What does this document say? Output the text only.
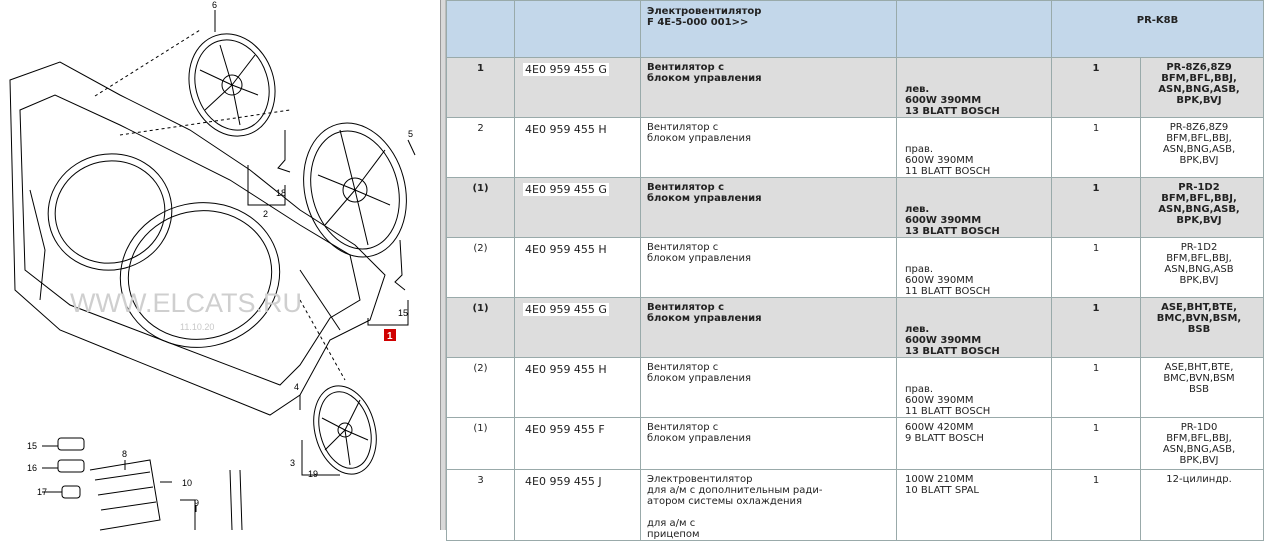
WWW.ELCATS.RU
11.10.20
6
5
18
2
15
4
3
19
15
16
17
8
10
9
1

		Электровентилятор
F 4E-5-000 001>>		PR-K8B	

1	4E0 959 455 G	Вентилятор с
блоком управления	

лев.
600W 390MM
13 BLATT BOSCH	1	PR-8Z6,8Z9
BFM,BFL,BBJ,
ASN,BNG,ASB,
BPK,BVJ

2	4E0 959 455 H	Вентилятор с
блоком управления	

прав.
600W 390MM
11 BLATT BOSCH	1	PR-8Z6,8Z9
BFM,BFL,BBJ,
ASN,BNG,ASB,
BPK,BVJ

(1)	4E0 959 455 G	Вентилятор с
блоком управления	

лев.
600W 390MM
13 BLATT BOSCH	1	PR-1D2
BFM,BFL,BBJ,
ASN,BNG,ASB,
BPK,BVJ

(2)	4E0 959 455 H	Вентилятор с
блоком управления	

прав.
600W 390MM
11 BLATT BOSCH	1	PR-1D2
BFM,BFL,BBJ,
ASN,BNG,ASB
BPK,BVJ

(1)	4E0 959 455 G	Вентилятор с
блоком управления	

лев.
600W 390MM
13 BLATT BOSCH	1	ASE,BHT,BTE,
BMC,BVN,BSM,
BSB

(2)	4E0 959 455 H	Вентилятор с
блоком управления	

прав.
600W 390MM
11 BLATT BOSCH	1	ASE,BHT,BTE,
BMC,BVN,BSM
BSB

(1)	4E0 959 455 F	Вентилятор с
блоком управления	600W 420MM
9 BLATT BOSCH	1	PR-1D0
BFM,BFL,BBJ,
ASN,BNG,ASB,
BPK,BVJ

3	4E0 959 455 J	Электровентилятор
для а/м с дополнительным ради-
атором системы охлаждения

для а/м с
прицепом	100W 210MM
10 BLATT SPAL	1	12-цилиндр.
